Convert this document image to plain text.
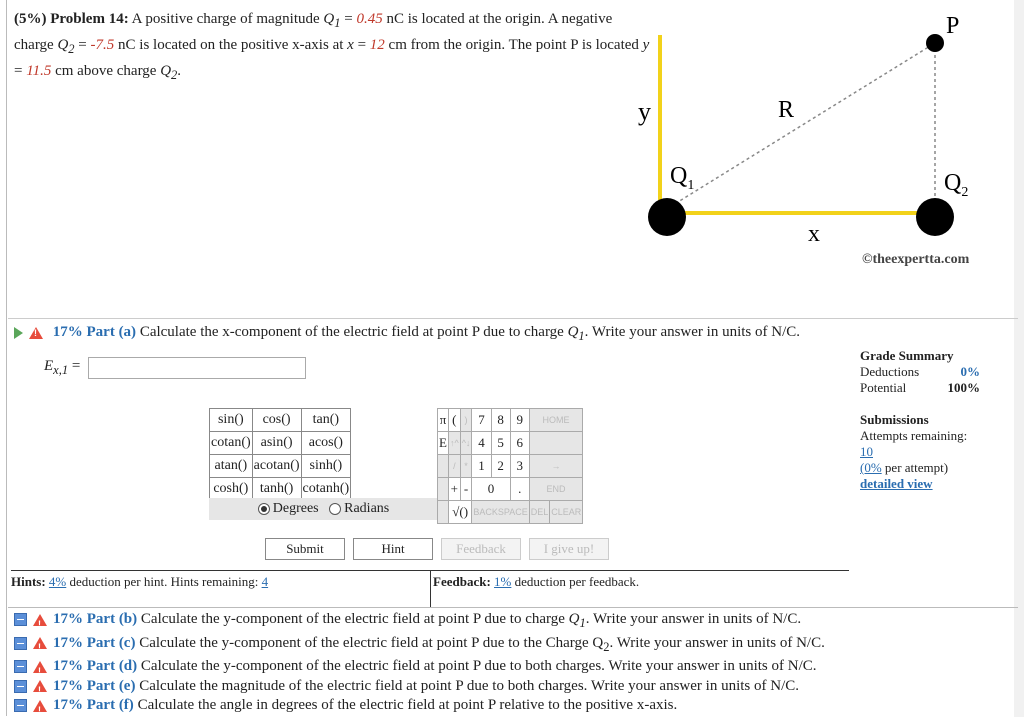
(5%) Problem 14: A positive charge of magnitude $Q_1 = 0.45$ nC is located at the origin. A negative charge $Q_2 = -7.5$ nC is located on the positive x-axis at x = 12 cm from the origin. The point P is located y = 11.5 cm above charge $Q_2$.
P
y	R
$Q_1$	$Q_2$
x
©theexpertta.com
! 17% Part (a) Calculate the x-component of the electric field at point P due to charge $Q_1$. Write your answer in units of N/C.
$E_{x,1}$ =
Grade Summary
Deductions	0%
Potential	100%
Submissions
Attempts remaining: 10
(0% per attempt)
detailed view
sin()	cos()	tan()
cotan()	asin()	acos()
atan()	acotan()	sinh()
cosh()	tanh()	cotanh()
Degrees Radians
π	(	)	7	8	9	HOME	
E	↑^	^↓	4	5	6		
	/	*	1	2	3	→	
	+	-	0		.	END	
	√()		BACKSPACE			DEL	CLEAR
Submit	Hint	Feedback	I give up!
Hints: 4% deduction per hint. Hints remaining: 4	Feedback: 1% deduction per feedback.
!17% Part (b) Calculate the y-component of the electric field at point P due to charge $Q_1$. Write your answer in units of N/C.
!17% Part (c) Calculate the y-component of the electric field at point P due to the Charge $Q_2$. Write your answer in units of N/C.
!17% Part (d) Calculate the y-component of the electric field at point P due to both charges. Write your answer in units of N/C.
!17% Part (e) Calculate the magnitude of the electric field at point P due to both charges. Write your answer in units of N/C.
!17% Part (f) Calculate the angle in degrees of the electric field at point P relative to the positive x-axis.
